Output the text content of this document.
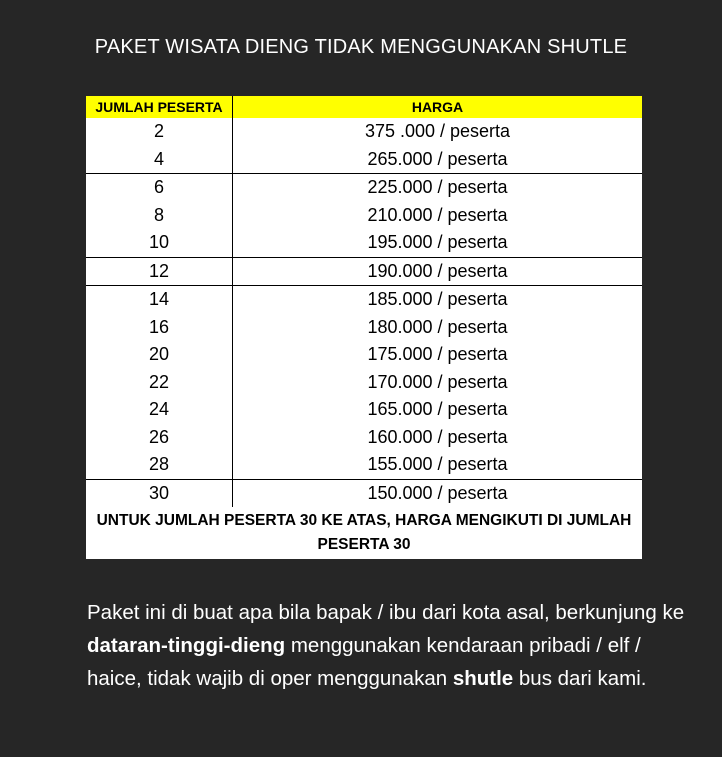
PAKET WISATA DIENG TIDAK MENGGUNAKAN SHUTLE
JUMLAH PESERTA	HARGA
2	375 .000 / peserta
4	265.000 / peserta
6	225.000 / peserta
8	210.000 / peserta
10	195.000 / peserta
12	190.000 / peserta
14	185.000 / peserta
16	180.000 / peserta
20	175.000 / peserta
22	170.000 / peserta
24	165.000 / peserta
26	160.000 / peserta
28	155.000 / peserta
30	150.000 / peserta
UNTUK JUMLAH PESERTA 30 KE ATAS, HARGA MENGIKUTI DI JUMLAH PESERTA 30
Paket ini di buat apa bila bapak / ibu dari kota asal, berkunjung ke dataran-tinggi-dieng menggunakan kendaraan pribadi / elf / haice, tidak wajib di oper menggunakan shutle bus dari kami.
